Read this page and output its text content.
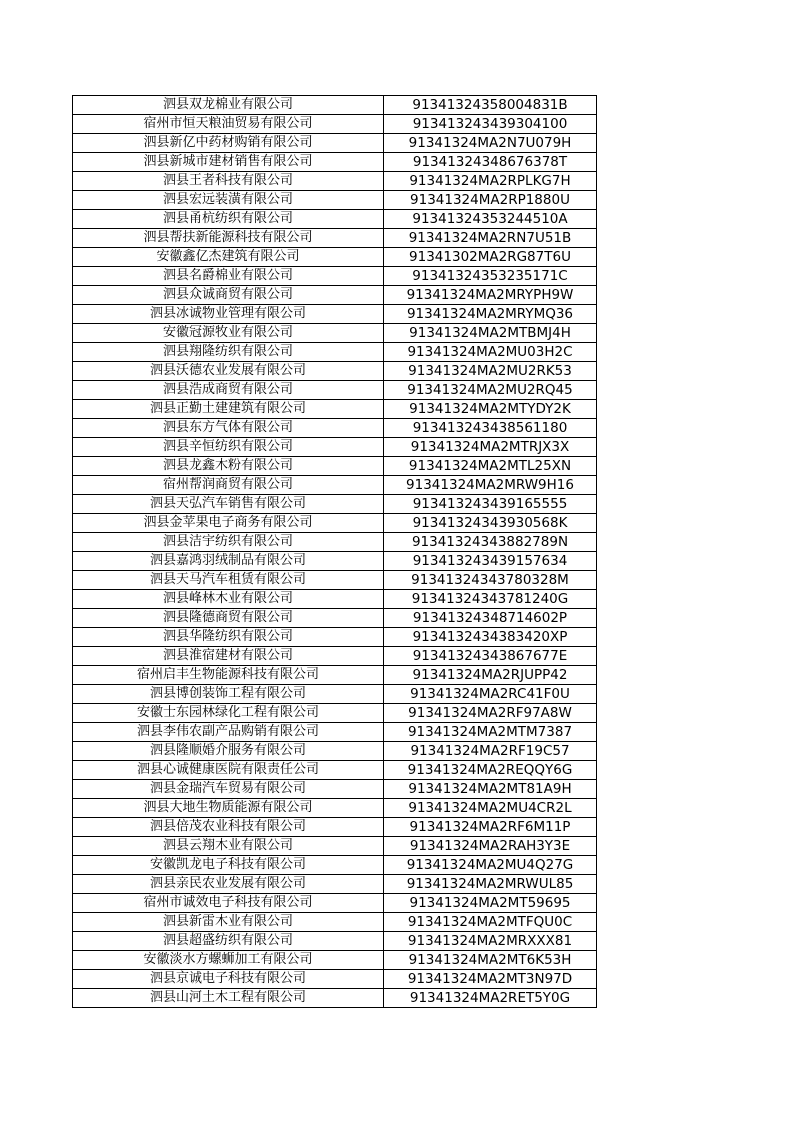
泗县双龙棉业有限公司	91341324358004831B
宿州市恒天粮油贸易有限公司	913413243439304100
泗县新亿中药材购销有限公司	91341324MA2N7U079H
泗县新城市建材销售有限公司	91341324348676378T
泗县王者科技有限公司	91341324MA2RPLKG7H
泗县宏远装潢有限公司	91341324MA2RP1880U
泗县甬杭纺织有限公司	91341324353244510A
泗县帮扶新能源科技有限公司	91341324MA2RN7U51B
安徽鑫亿杰建筑有限公司	91341302MA2RG87T6U
泗县名爵棉业有限公司	91341324353235171C
泗县众诚商贸有限公司	91341324MA2MRYPH9W
泗县冰诚物业管理有限公司	91341324MA2MRYMQ36
安徽冠源牧业有限公司	91341324MA2MTBMJ4H
泗县翔隆纺织有限公司	91341324MA2MU03H2C
泗县沃德农业发展有限公司	91341324MA2MU2RK53
泗县浩成商贸有限公司	91341324MA2MU2RQ45
泗县正勤土建建筑有限公司	91341324MA2MTYDY2K
泗县东方气体有限公司	913413243438561180
泗县辛恒纺织有限公司	91341324MA2MTRJX3X
泗县龙鑫木粉有限公司	91341324MA2MTL25XN
宿州帮润商贸有限公司	91341324MA2MRW9H16
泗县天弘汽车销售有限公司	913413243439165555
泗县金苹果电子商务有限公司	91341324343930568K
泗县洁宇纺织有限公司	91341324343882789N
泗县嘉鸿羽绒制品有限公司	913413243439157634
泗县天马汽车租赁有限公司	91341324343780328M
泗县峰林木业有限公司	91341324343781240G
泗县隆德商贸有限公司	91341324348714602P
泗县华隆纺织有限公司	9134132434383420XP
泗县淮宿建材有限公司	91341324343867677E
宿州启丰生物能源科技有限公司	91341324MA2RJUPP42
泗县博创装饰工程有限公司	91341324MA2RC41F0U
安徽士东园林绿化工程有限公司	91341324MA2RF97A8W
泗县李伟农副产品购销有限公司	91341324MA2MTM7387
泗县隆顺婚介服务有限公司	91341324MA2RF19C57
泗县心诚健康医院有限责任公司	91341324MA2REQQY6G
泗县金瑞汽车贸易有限公司	91341324MA2MT81A9H
泗县大地生物质能源有限公司	91341324MA2MU4CR2L
泗县倍茂农业科技有限公司	91341324MA2RF6M11P
泗县云翔木业有限公司	91341324MA2RAH3Y3E
安徽凯龙电子科技有限公司	91341324MA2MU4Q27G
泗县亲民农业发展有限公司	91341324MA2MRWUL85
宿州市诚效电子科技有限公司	91341324MA2MT59695
泗县新雷木业有限公司	91341324MA2MTFQU0C
泗县超盛纺织有限公司	91341324MA2MRXXX81
安徽淡水方螺蛳加工有限公司	91341324MA2MT6K53H
泗县京诚电子科技有限公司	91341324MA2MT3N97D
泗县山河土木工程有限公司	91341324MA2RET5Y0G
